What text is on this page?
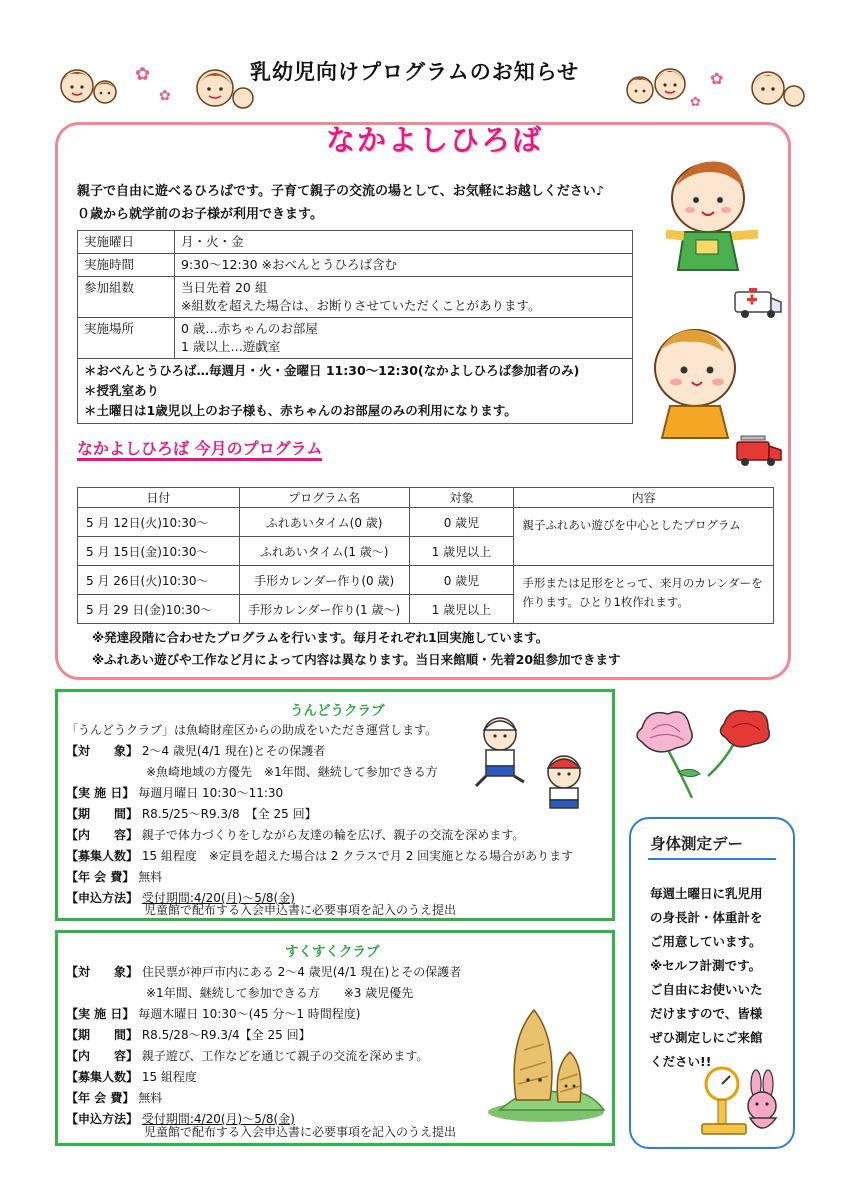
✿
✿
乳幼児向けプログラムのお知らせ	✿
✿
なかよしひろば
親子で自由に遊べるひろばです。子育て親子の交流の場として、お気軽にお越しください♪
０歳から就学前のお子様が利用できます。
実施曜日	月・火・金
実施時間	9:30～12:30 ※おべんとうひろば含む
参加組数	当日先着 20 組
※組数を超えた場合は、お断りさせていただくことがあります。

実施場所	0 歳…赤ちゃんのお部屋
1 歳以上…遊戯室

＊おべんとうひろば…毎週月・火・金曜日 11:30～12:30(なかよしひろば参加者のみ)
＊授乳室あり
＊土曜日は1歳児以上のお子様も、赤ちゃんのお部屋のみの利用になります。	
なかよしひろば 今月のプログラム
日付	プログラム名	対象	内容
5 月 12日(火)10:30～	ふれあいタイム(0 歳)	0 歳児	親子ふれあい遊びを中心としたプログラム
5 月 15日(金)10:30～	ふれあいタイム(1 歳～)	1 歳児以上	
5 月 26日(火)10:30～	手形カレンダー作り(0 歳)	0 歳児	手形または足形をとって、来月のカレンダーを
作ります。ひとり1枚作れます。

5 月 29 日(金)10:30～	手形カレンダー作り(1 歳～)	1 歳児以上	
※発達段階に合わせたプログラムを行います。毎月それぞれ1回実施しています。
※ふれあい遊びや工作など月によって内容は異なります。当日来館順・先着20組参加できます
うんどうクラブ
「うんどうクラブ」は魚崎財産区からの助成をいただき運営します。
【対　　象】 2～4 歳児(4/1 現在)とその保護者
※魚崎地域の方優先　※1年間、継続して参加できる方
【実 施 日】 毎週月曜日 10:30～11:30
【期　　間】 R8.5/25～R9.3/8　【全 25 回】
【内　　容】 親子で体力づくりをしながら友達の輪を広げ、親子の交流を深めます。
【募集人数】 15 組程度　※定員を超えた場合は 2 クラスで月 2 回実施となる場合があります
【年 会 費】 無料
【申込方法】 受付期間:4/20(月)～5/8(金)
児童館で配布する入会申込書に必要事項を記入のうえ提出
すくすくクラブ
【対　　象】 住民票が神戸市内にある 2～4 歳児(4/1 現在)とその保護者
※1年間、継続して参加できる方　　※3 歳児優先
【実 施 日】 毎週木曜日 10:30～(45 分～1 時間程度)
【期　　間】 R8.5/28～R9.3/4【全 25 回】
【内　　容】 親子遊び、工作などを通じて親子の交流を深めます。
【募集人数】 15 組程度
【年 会 費】 無料
【申込方法】 受付期間:4/20(月)～5/8(金)
児童館で配布する入会申込書に必要事項を記入のうえ提出
身体測定デー
毎週土曜日に乳児用
の身長計・体重計を
ご用意しています。
※セルフ計測です。
ご自由にお使いいた
だけますので、皆様
ぜひ測定しにご来館
ください!!
